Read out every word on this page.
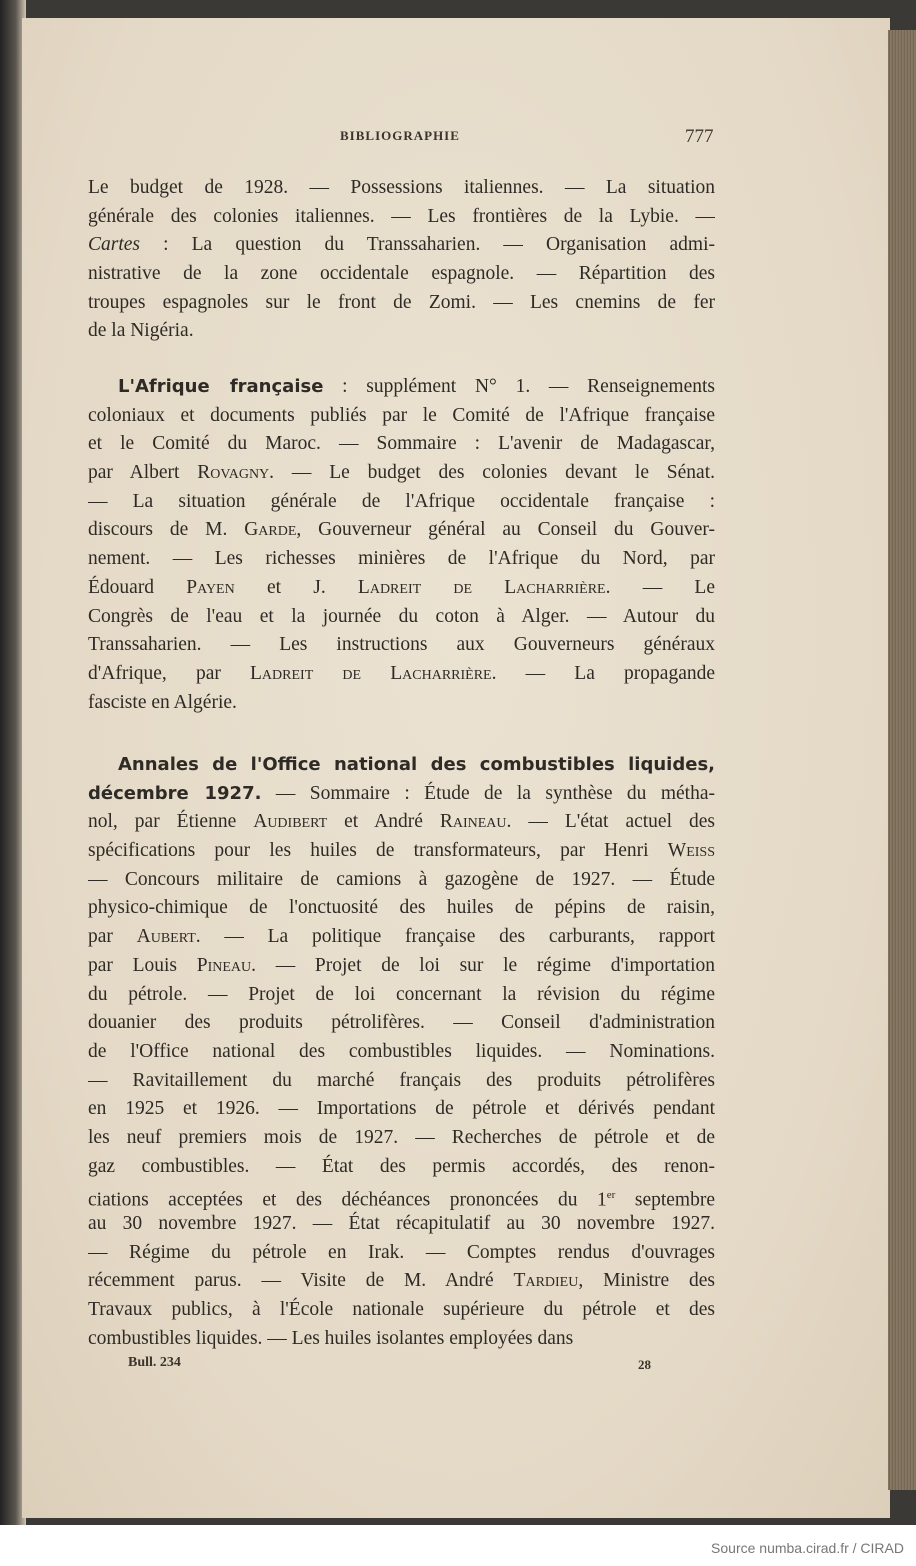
BIBLIOGRAPHIE	777
Le budget de 1928. — Possessions italiennes. — La situation
générale des colonies italiennes. — Les frontières de la Lybie. —
Cartes : La question du Transsaharien. — Organisation admi-
nistrative de la zone occidentale espagnole. — Répartition des
troupes espagnoles sur le front de Zomi. — Les cnemins de fer
de la Nigéria.
L'Afrique française : supplément N° 1. — Renseignements
coloniaux et documents publiés par le Comité de l'Afrique française
et le Comité du Maroc. — Sommaire : L'avenir de Madagascar,
par Albert Rovagny. — Le budget des colonies devant le Sénat.
— La situation générale de l'Afrique occidentale française :
discours de M. Garde, Gouverneur général au Conseil du Gouver-
nement. — Les richesses minières de l'Afrique du Nord, par
Édouard Payen et J. Ladreit de Lacharrière. — Le
Congrès de l'eau et la journée du coton à Alger. — Autour du
Transsaharien. — Les instructions aux Gouverneurs généraux
d'Afrique, par Ladreit de Lacharrière. — La propagande
fasciste en Algérie.
Annales de l'Office national des combustibles liquides,
décembre 1927. — Sommaire : Étude de la synthèse du métha-
nol, par Étienne Audibert et André Raineau. — L'état actuel des
spécifications pour les huiles de transformateurs, par Henri Weiss
— Concours militaire de camions à gazogène de 1927. — Étude
physico-chimique de l'onctuosité des huiles de pépins de raisin,
par Aubert. — La politique française des carburants, rapport
par Louis Pineau. — Projet de loi sur le régime d'importation
du pétrole. — Projet de loi concernant la révision du régime
douanier des produits pétrolifères. — Conseil d'administration
de l'Office national des combustibles liquides. — Nominations.
— Ravitaillement du marché français des produits pétrolifères
en 1925 et 1926. — Importations de pétrole et dérivés pendant
les neuf premiers mois de 1927. — Recherches de pétrole et de
gaz combustibles. — État des permis accordés, des renon-
ciations acceptées et des déchéances prononcées du 1er septembre
au 30 novembre 1927. — État récapitulatif au 30 novembre 1927.
— Régime du pétrole en Irak. — Comptes rendus d'ouvrages
récemment parus. — Visite de M. André Tardieu, Ministre des
Travaux publics, à l'École nationale supérieure du pétrole et des
combustibles liquides. — Les huiles isolantes employées dans
Bull. 234	28
Source numba.cirad.fr / CIRAD
